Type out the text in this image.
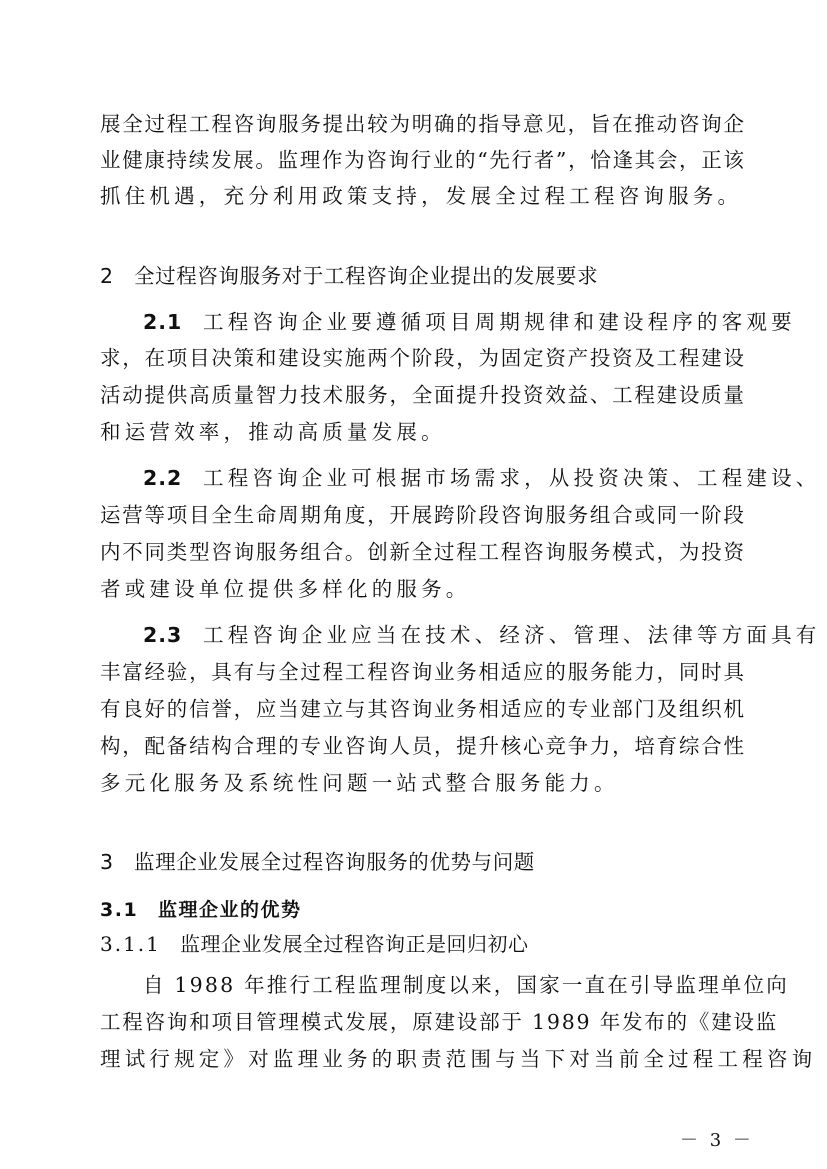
展 全 过 程 工 程 咨 询 服 务 提 出 较 为 明 确 的 指 导 意 见 ， 旨 在 推 动 咨 询 企
业 健 康 持 续 发 展 。 监 理 作 为 咨 询 行 业 的 “ 先 行 者 ” ， 恰 逢 其 会 ， 正 该
抓住机遇，充分利用政策支持，发展全过程工程咨询服务。
2 全过程咨询服务对于工程咨询企业提出的发展要求
2.1 工程咨询企业要遵循项目周期规律和建设程序的客观要
求 ， 在 项 目 决 策 和 建 设 实 施 两 个 阶 段 ， 为 固 定 资 产 投 资 及 工 程 建 设
活 动 提 供 高 质 量 智 力 技 术 服 务 ， 全 面 提 升 投 资 效 益 、 工 程 建 设 质 量
和运营效率，推动高质量发展。
2.2 工程咨询企业可根据市场需求，从投资决策、工程建设、
运 营 等 项 目 全 生 命 周 期 角 度 ， 开 展 跨 阶 段 咨 询 服 务 组 合 或 同 一 阶 段
内 不 同 类 型 咨 询 服 务 组 合 。 创 新 全 过 程 工 程 咨 询 服 务 模 式 ， 为 投 资
者或建设单位提供多样化的服务。
2.3 工程咨询企业应当在技术、经济、管理、法律等方面具有
丰 富 经 验 ， 具 有 与 全 过 程 工 程 咨 询 业 务 相 适 应 的 服 务 能 力 ， 同 时 具
有 良 好 的 信 誉 ， 应 当 建 立 与 其 咨 询 业 务 相 适 应 的 专 业 部 门 及 组 织 机
构 ， 配 备 结 构 合 理 的 专 业 咨 询 人 员 ， 提 升 核 心 竞 争 力 ， 培 育 综 合 性
多元化服务及系统性问题一站式整合服务能力。
3 监理企业发展全过程咨询服务的优势与问题
3.1 监理企业的优势
3.1.1 监理企业发展全过程咨询正是回归初心
自 1988 年推行工程监理制度以来，国家一直在引导监理单位向
工程咨询和项目管理模式发展，原建设部于 1989 年发布的《建设监
理试行规定》对监理业务的职责范围与当下对当前全过程工程咨询
－ 3 －
